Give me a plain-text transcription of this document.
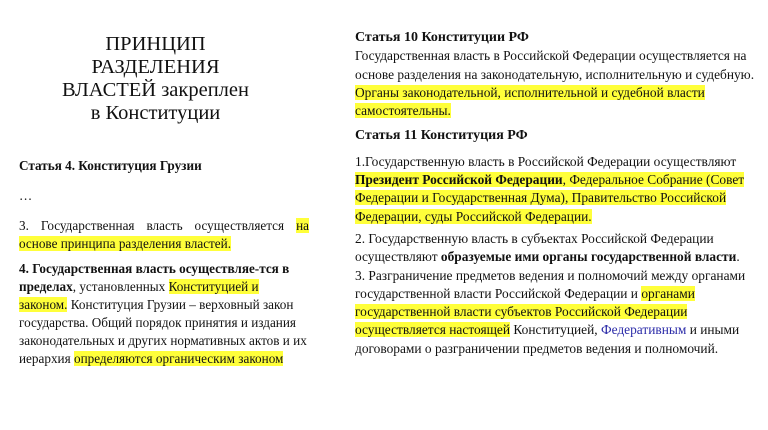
ПРИНЦИП
РАЗДЕЛЕНИЯ
ВЛАСТЕЙ закреплен
в Конституции

Статья 4. Конституция Грузии

…

3. Государственная власть осуществляется на основе принципа разделения властей.

4. Государственная власть осуществляе-тся в пределах, установленных Конституцией и законом. Конституция Грузии – верховный закон государства. Общий порядок принятия и издания законодательных и других нормативных актов и их иерархия определяются органическим законом

Статья 10 Конституции РФ

Государственная власть в Российской Федерации осуществляется на основе разделения на законодательную, исполнительную и судебную. Органы законодательной, исполнительной и судебной власти самостоятельны.

Статья 11 Конституция РФ

1.Государственную власть в Российской Федерации осуществляют Президент Российской Федерации, Федеральное Собрание (Совет Федерации и Государственная Дума), Правительство Российской Федерации, суды Российской Федерации.

2. Государственную власть в субъектах Российской Федерации осуществляют образуемые ими органы государственной власти.

3. Разграничение предметов ведения и полномочий между органами государственной власти Российской Федерации и органами государственной власти субъектов Российской Федерации осуществляется настоящей Конституцией, Федеративным и иными договорами о разграничении предметов ведения и полномочий.
